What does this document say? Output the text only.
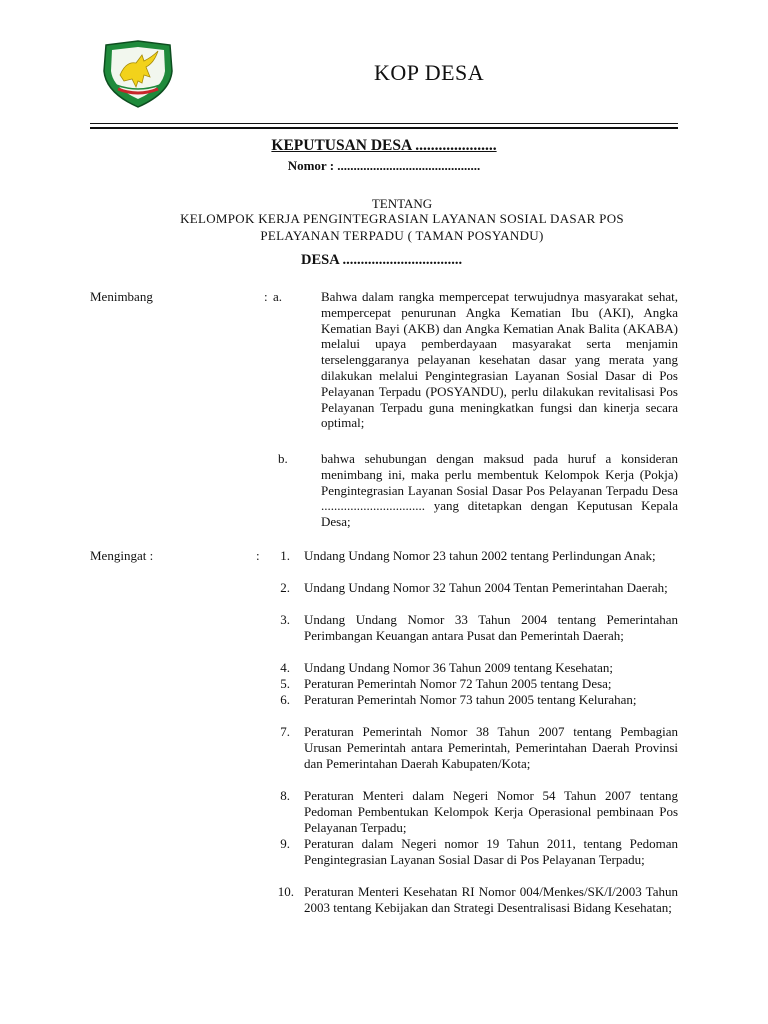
KOP DESA
KEPUTUSAN DESA .....................
Nomor : ............................................
TENTANG
KELOMPOK KERJA PENGINTEGRASIAN LAYANAN SOSIAL DASAR POS
PELAYANAN TERPADU ( TAMAN POSYANDU)
DESA .................................
Menimbang	: a.	Bahwa dalam rangka mempercepat terwujudnya masyarakat sehat, mempercepat penurunan Angka Kematian Ibu (AKI), Angka Kematian Bayi (AKB) dan Angka Kematian Anak Balita (AKABA) melalui upaya pemberdayaan masyarakat serta menjamin terselenggaranya pelayanan kesehatan dasar yang merata yang dilakukan melalui Pengintegrasian Layanan Sosial Dasar di Pos Pelayanan Terpadu (POSYANDU), perlu dilakukan revitalisasi Pos Pelayanan Terpadu guna meningkatkan fungsi dan kinerja secara optimal;
b.	bahwa sehubungan dengan maksud pada huruf a konsideran menimbang ini, maka perlu membentuk Kelompok Kerja (Pokja) Pengintegrasian Layanan Sosial Dasar Pos Pelayanan Terpadu Desa ................................ yang ditetapkan dengan Keputusan Kepala Desa;
Mengingat :	:	1. Undang Undang Nomor 23 tahun 2002 tentang Perlindungan Anak;
2. Undang Undang Nomor 32 Tahun 2004 Tentan Pemerintahan Daerah;
3. Undang Undang Nomor 33 Tahun 2004 tentang Pemerintahan Perimbangan Keuangan antara Pusat dan Pemerintah Daerah;
4. Undang Undang Nomor 36 Tahun 2009 tentang Kesehatan;
5. Peraturan Pemerintah Nomor 72 Tahun 2005 tentang Desa;
6. Peraturan Pemerintah Nomor 73 tahun 2005 tentang Kelurahan;
7. Peraturan Pemerintah Nomor 38 Tahun 2007 tentang Pembagian Urusan Pemerintah antara Pemerintah, Pemerintahan Daerah Provinsi dan Pemerintahan Daerah Kabupaten/Kota;
8. Peraturan Menteri dalam Negeri Nomor 54 Tahun 2007 tentang Pedoman Pembentukan Kelompok Kerja Operasional pembinaan Pos Pelayanan Terpadu;
9. Peraturan dalam Negeri nomor 19 Tahun 2011, tentang Pedoman Pengintegrasian Layanan Sosial Dasar di Pos Pelayanan Terpadu;
10. Peraturan Menteri Kesehatan RI Nomor 004/Menkes/SK/I/2003 Tahun 2003 tentang Kebijakan dan Strategi Desentralisasi Bidang Kesehatan;
